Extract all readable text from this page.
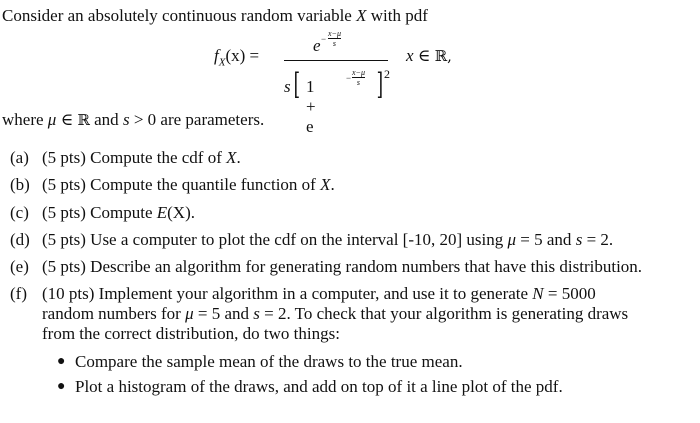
Consider an absolutely continuous random variable X with pdf
$f_X(x)$ =
$e - \frac{x-\mu}{s}$
s [ 1 + e
− $\frac{x-\mu}{s}$ ] 2
x ∈ ℝ,
where μ ∈ ℝ and s > 0 are parameters.
(a) (5 pts) Compute the cdf of X.
(b) (5 pts) Compute the quantile function of X.
(c) (5 pts) Compute E(X).
(d) (5 pts) Use a computer to plot the cdf on the interval [-10, 20] using μ = 5 and s = 2.
(e) (5 pts) Describe an algorithm for generating random numbers that have this distribution.
(f) (10 pts) Implement your algorithm in a computer, and use it to generate N = 5000
random numbers for μ = 5 and s = 2. To check that your algorithm is generating draws
from the correct distribution, do two things:
● Compare the sample mean of the draws to the true mean.
● Plot a histogram of the draws, and add on top of it a line plot of the pdf.
